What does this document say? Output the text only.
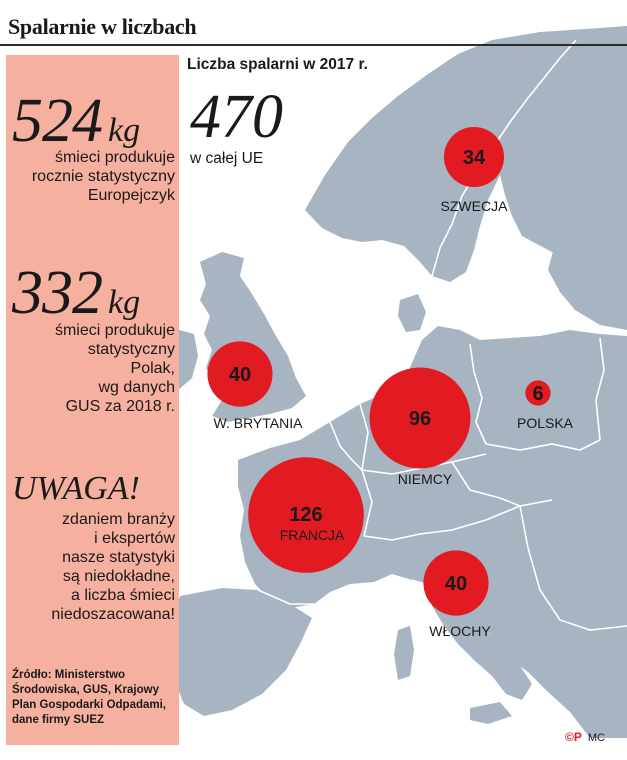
34
SZWECJA
40
W. BRYTANIA	96
NIEMCY
6
POLSKA
126
FRANCJA
40
WŁOCHY
Spalarnie w liczbach
524 kg
śmieci produkuje
rocznie statystyczny
Europejczyk
332 kg
śmieci produkuje
statystyczny
Polak,
wg danych
GUS za 2018 r.
UWAGA!
zdaniem branży
i ekspertów
nasze statystyki
są niedokładne,
a liczba śmieci
niedoszacowana!
Źródło: Ministerstwo
Środowiska, GUS, Krajowy
Plan Gospodarki Odpadami,
dane firmy SUEZ
Liczba spalarni w 2017 r.
470
w całej UE
©P MC
